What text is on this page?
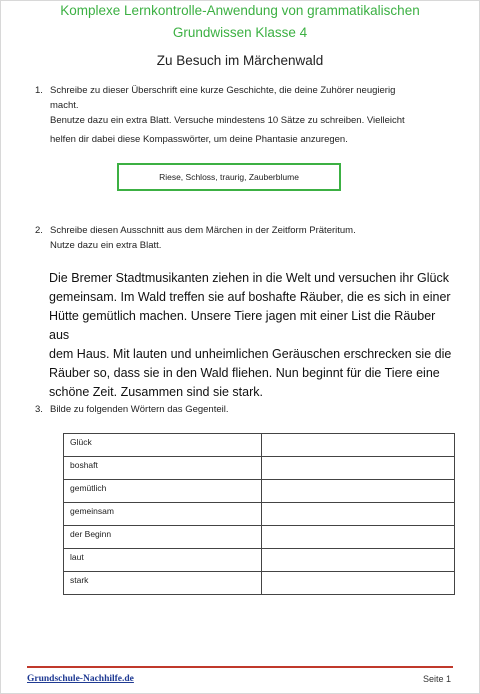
Komplexe Lernkontrolle-Anwendung von grammatikalischen
Grundwissen Klasse 4
Zu Besuch im Märchenwald
1. Schreibe zu dieser Überschrift eine kurze Geschichte, die deine Zuhörer neugierig
macht.
Benutze dazu ein extra Blatt. Versuche mindestens 10 Sätze zu schreiben. Vielleicht
helfen dir dabei diese Kompasswörter, um deine Phantasie anzuregen.
Riese, Schloss, traurig, Zauberblume
2. Schreibe diesen Ausschnitt aus dem Märchen in der Zeitform Präteritum.
Nutze dazu ein extra Blatt.
Die Bremer Stadtmusikanten ziehen in die Welt und versuchen ihr Glück
gemeinsam. Im Wald treffen sie auf boshafte Räuber, die es sich in einer
Hütte gemütlich machen. Unsere Tiere jagen mit einer List die Räuber aus
dem Haus. Mit lauten und unheimlichen Geräuschen erschrecken sie die
Räuber so, dass sie in den Wald fliehen. Nun beginnt für die Tiere eine
schöne Zeit. Zusammen sind sie stark.
3. Bilde zu folgenden Wörtern das Gegenteil.
Glück	
boshaft	
gemütlich	
gemeinsam	
der Beginn	
laut	
stark	
Grundschule-Nachhilfe.de	Seite 1
